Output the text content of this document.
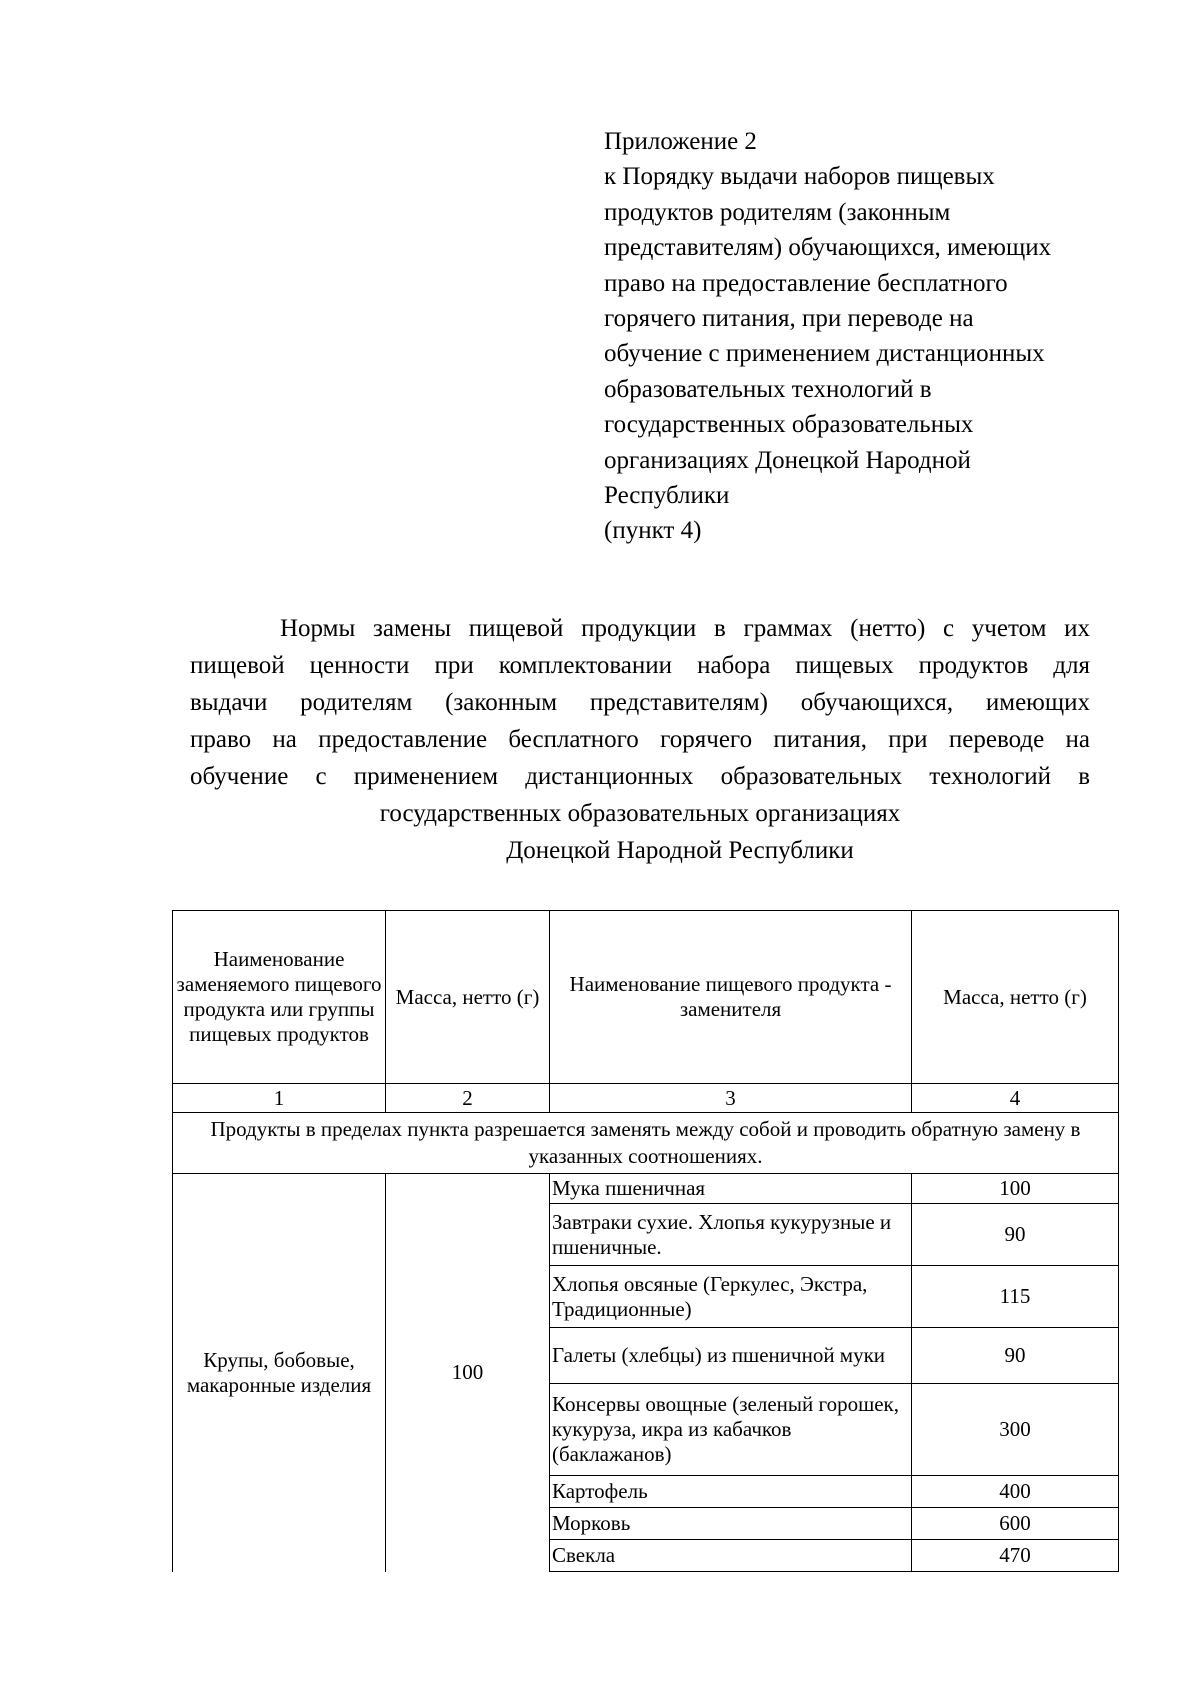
Приложение 2
к Порядку выдачи наборов пищевых
продуктов родителям (законным
представителям) обучающихся, имеющих
право на предоставление бесплатного
горячего питания, при переводе на
обучение с применением дистанционных
образовательных технологий в
государственных образовательных
организациях Донецкой Народной
Республики
(пункт 4)
Нормы замены пищевой продукции в граммах (нетто) с учетом их
пищевой ценности при комплектовании набора пищевых продуктов для
выдачи родителям (законным представителям) обучающихся, имеющих
право на предоставление бесплатного горячего питания, при переводе на
обучение с применением дистанционных образовательных технологий в
государственных образовательных организациях
Донецкой Народной Республики
Наименование заменяемого пищевого продукта или группы пищевых продуктов	Масса, нетто (г)	Наименование пищевого продукта - заменителя	Масса, нетто (г)
1	2	3	4
Продукты в пределах пункта разрешается заменять между собой и проводить обратную замену в указанных соотношениях.			
Крупы, бобовые, макаронные изделия	100	Мука пшеничная	100
		Завтраки сухие. Хлопья кукурузные и пшеничные.	90
		Хлопья овсяные (Геркулес, Экстра, Традиционные)	115
		Галеты (хлебцы) из пшеничной муки	90
		Консервы овощные (зеленый горошек, кукуруза, икра из кабачков (баклажанов)	300
		Картофель	400
		Морковь	600
		Свекла	470
